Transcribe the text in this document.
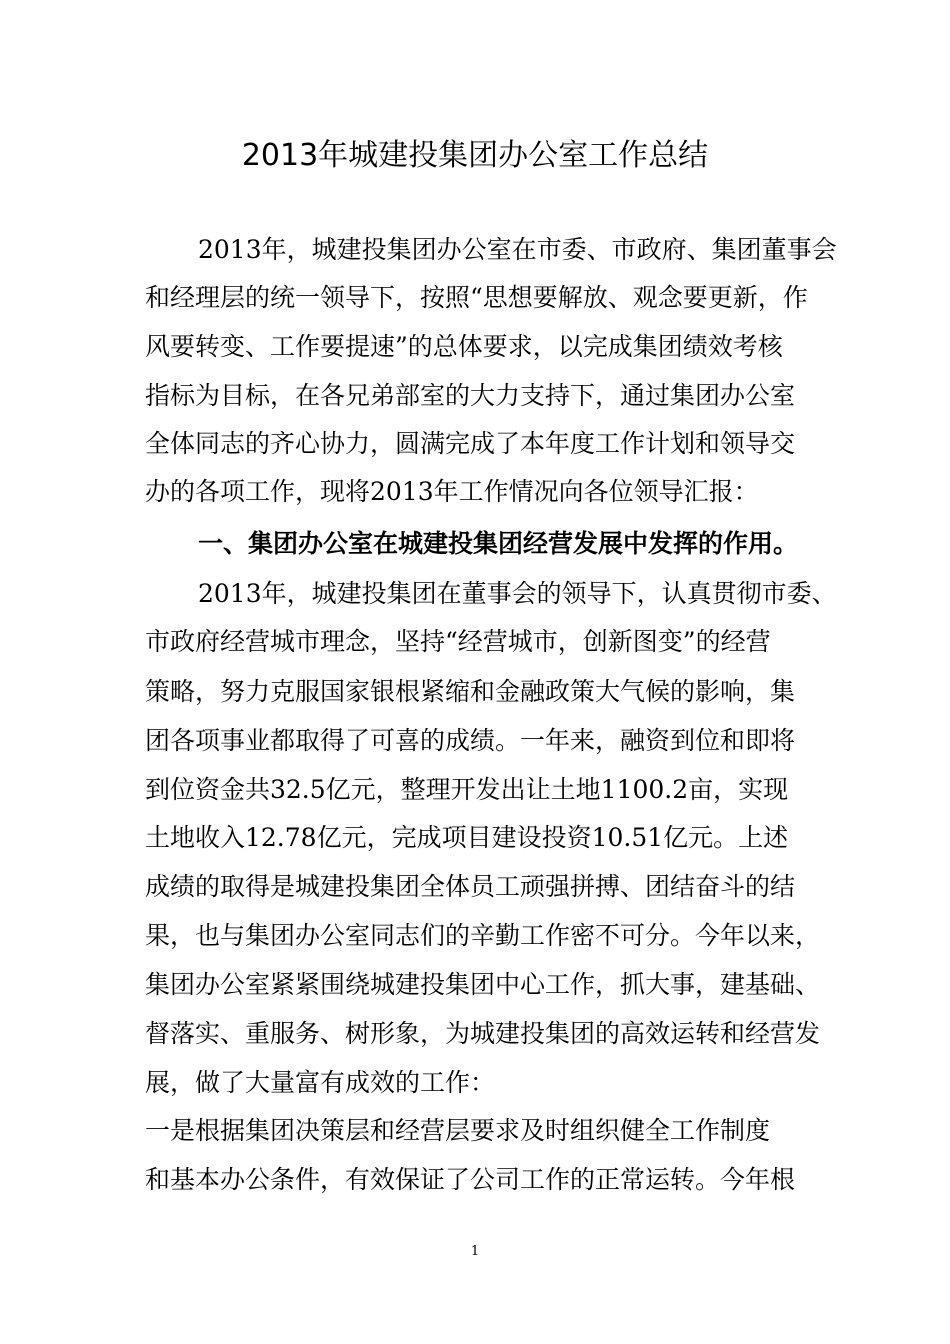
2013年城建投集团办公室工作总结
2013年，城建投集团办公室在市委、市政府、集团董事会
和经理层的统一领导下，按照“思想要解放、观念要更新，作
风要转变、工作要提速”的总体要求，以完成集团绩效考核
指标为目标，在各兄弟部室的大力支持下，通过集团办公室
全体同志的齐心协力，圆满完成了本年度工作计划和领导交
办的各项工作，现将2013年工作情况向各位领导汇报：
一、集团办公室在城建投集团经营发展中发挥的作用。
2013年，城建投集团在董事会的领导下，认真贯彻市委、
市政府经营城市理念，坚持“经营城市，创新图变”的经营
策略，努力克服国家银根紧缩和金融政策大气候的影响，集
团各项事业都取得了可喜的成绩。一年来，融资到位和即将
到位资金共32.5亿元，整理开发出让土地1100.2亩，实现
土地收入12.78亿元，完成项目建设投资10.51亿元。上述
成绩的取得是城建投集团全体员工顽强拼搏、团结奋斗的结
果，也与集团办公室同志们的辛勤工作密不可分。今年以来，
集团办公室紧紧围绕城建投集团中心工作，抓大事，建基础、
督落实、重服务、树形象，为城建投集团的高效运转和经营发
展，做了大量富有成效的工作：
一是根据集团决策层和经营层要求及时组织健全工作制度
和基本办公条件，有效保证了公司工作的正常运转。今年根
1
